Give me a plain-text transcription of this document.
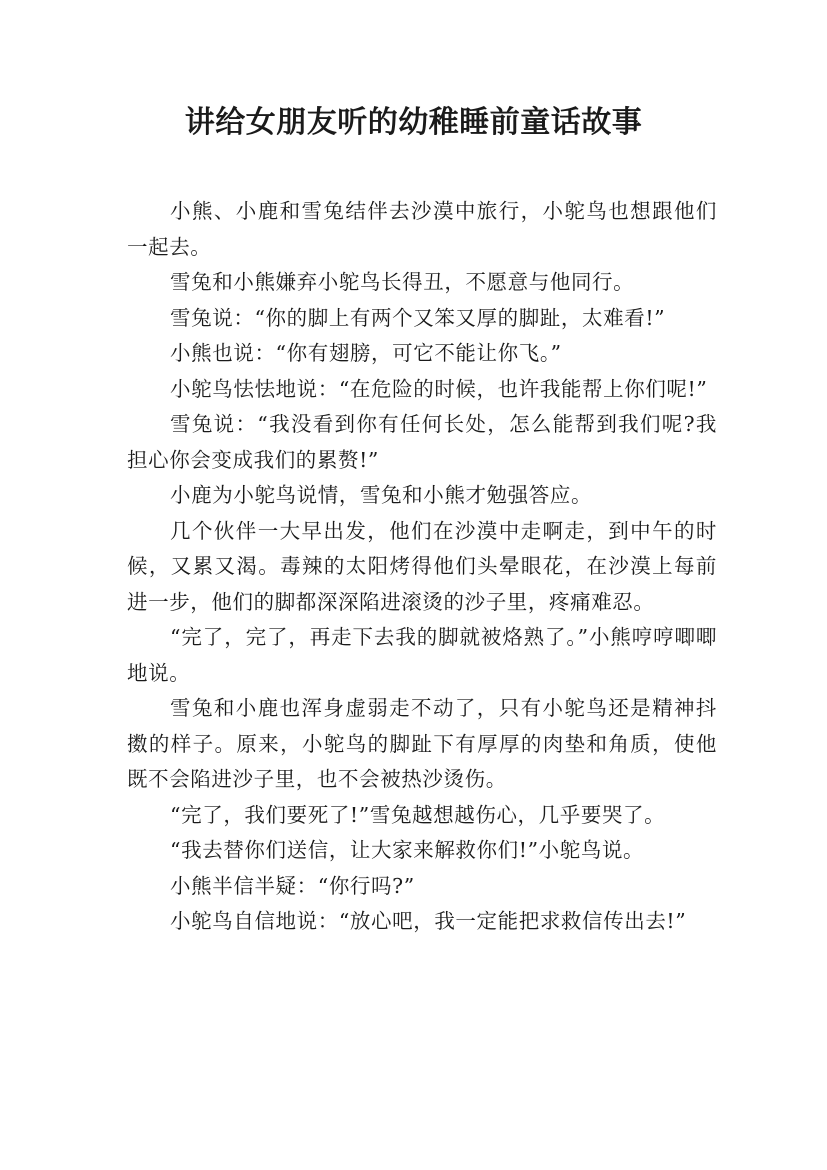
讲给女朋友听的幼稚睡前童话故事

小熊、小鹿和雪兔结伴去沙漠中旅行，小鸵鸟也想跟他们一起去。

雪兔和小熊嫌弃小鸵鸟长得丑，不愿意与他同行。

雪兔说：“你的脚上有两个又笨又厚的脚趾，太难看!”

小熊也说：“你有翅膀，可它不能让你飞。”

小鸵鸟怯怯地说：“在危险的时候，也许我能帮上你们呢!”

雪兔说：“我没看到你有任何长处，怎么能帮到我们呢?我担心你会变成我们的累赘!”

小鹿为小鸵鸟说情，雪兔和小熊才勉强答应。

几个伙伴一大早出发，他们在沙漠中走啊走，到中午的时候，又累又渴。毒辣的太阳烤得他们头晕眼花，在沙漠上每前进一步，他们的脚都深深陷进滚烫的沙子里，疼痛难忍。

“完了，完了，再走下去我的脚就被烙熟了。”小熊哼哼唧唧地说。

雪兔和小鹿也浑身虚弱走不动了，只有小鸵鸟还是精神抖擞的样子。原来，小鸵鸟的脚趾下有厚厚的肉垫和角质，使他既不会陷进沙子里，也不会被热沙烫伤。

“完了，我们要死了!”雪兔越想越伤心，几乎要哭了。

“我去替你们送信，让大家来解救你们!”小鸵鸟说。

小熊半信半疑：“你行吗?”

小鸵鸟自信地说：“放心吧，我一定能把求救信传出去!”
